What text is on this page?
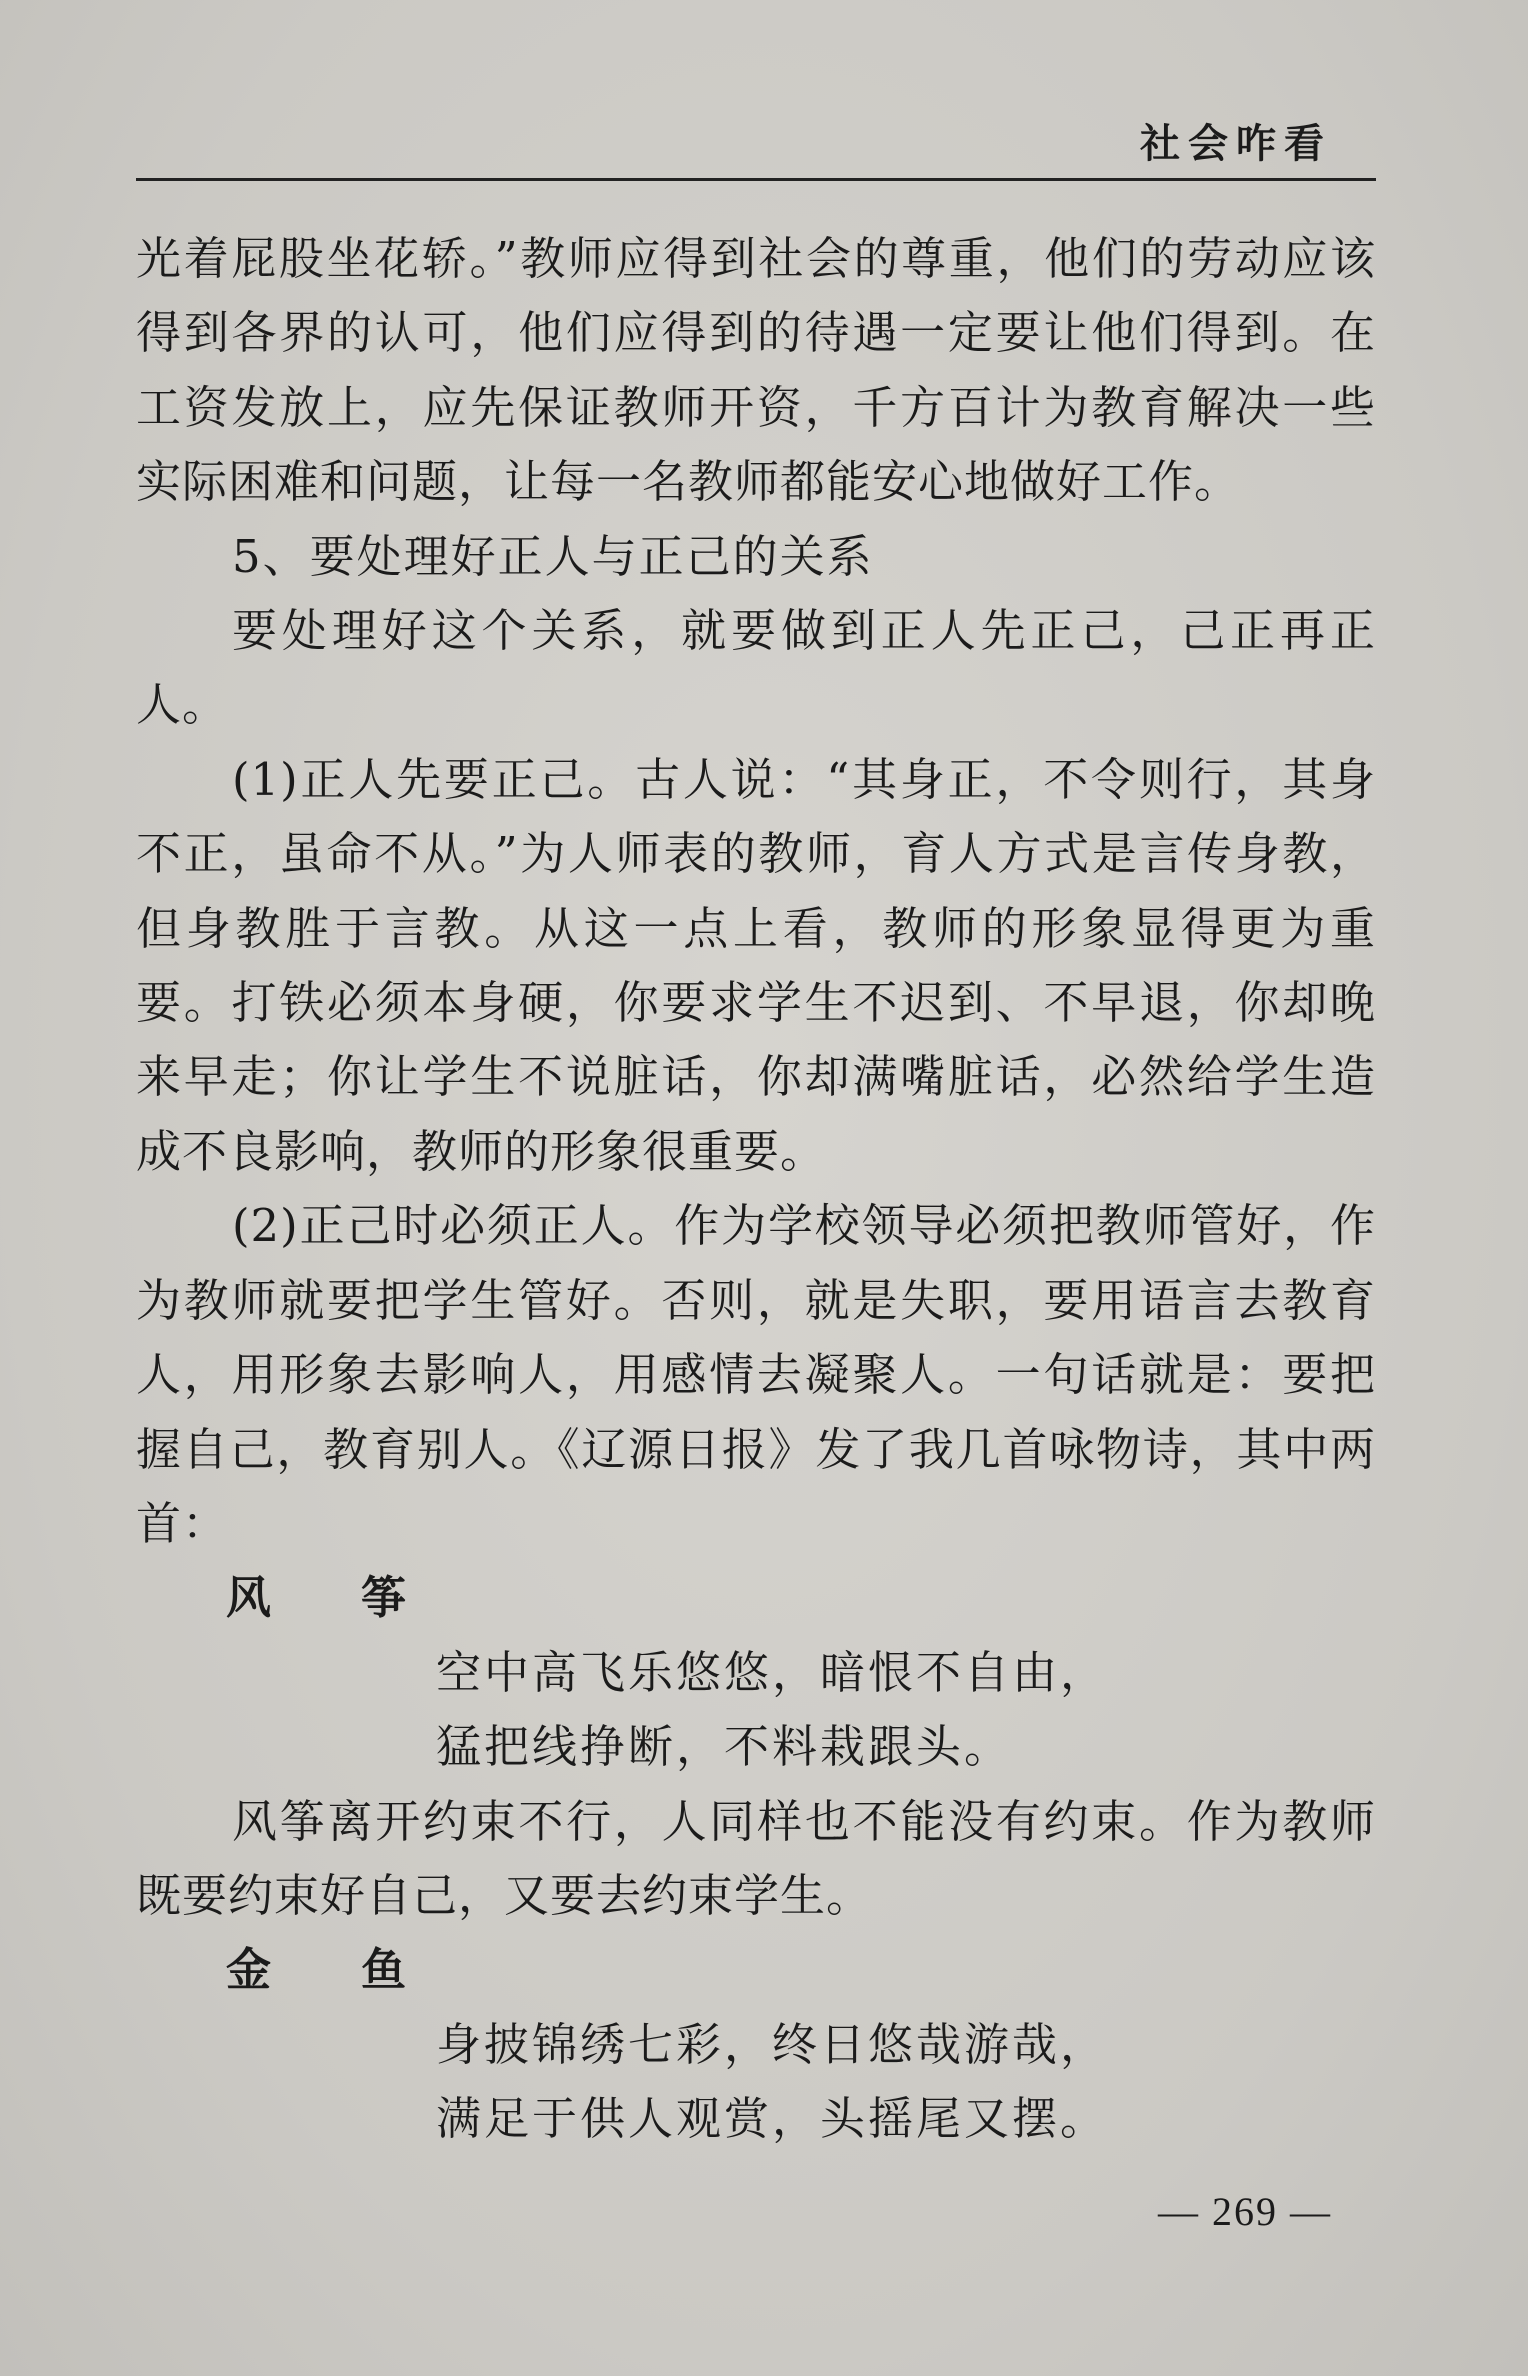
社会咋看

光着屁股坐花轿。”教师应得到社会的尊重，他们的劳动应该得到各界的认可，他们应得到的待遇一定要让他们得到。在工资发放上，应先保证教师开资，千方百计为教育解决一些实际困难和问题，让每一名教师都能安心地做好工作。

5、要处理好正人与正己的关系

要处理好这个关系，就要做到正人先正己，己正再正人。

(1)正人先要正己。古人说：“其身正，不令则行，其身不正，虽命不从。”为人师表的教师，育人方式是言传身教，但身教胜于言教。从这一点上看，教师的形象显得更为重要。打铁必须本身硬，你要求学生不迟到、不早退，你却晚来早走；你让学生不说脏话，你却满嘴脏话，必然给学生造成不良影响，教师的形象很重要。

(2)正己时必须正人。作为学校领导必须把教师管好，作为教师就要把学生管好。否则，就是失职，要用语言去教育人，用形象去影响人，用感情去凝聚人。一句话就是：要把握自己，教育别人。《辽源日报》发了我几首咏物诗，其中两首：

风筝

空中高飞乐悠悠，暗恨不自由，

猛把线挣断，不料栽跟头。

风筝离开约束不行，人同样也不能没有约束。作为教师既要约束好自己，又要去约束学生。

金鱼

身披锦绣七彩，终日悠哉游哉，

满足于供人观赏，头摇尾又摆。

— 269 —
